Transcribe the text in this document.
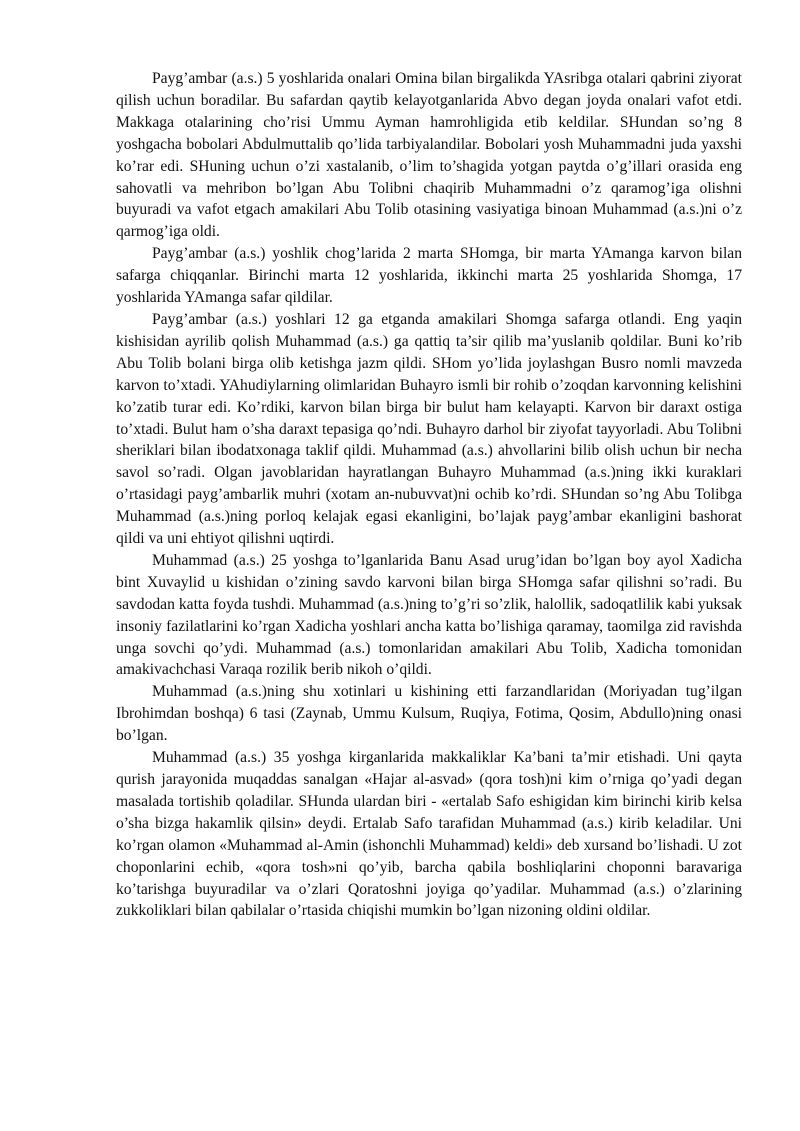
Payg’ambar (a.s.) 5 yoshlarida onalari Omina bilan birgalikda YAsribga otalari qabrini ziyorat qilish uchun boradilar. Bu safardan qaytib kelayotganlarida Abvo degan joyda onalari vafot etdi. Makkaga otalarining cho’risi Ummu Ayman hamrohligida etib keldilar. SHundan so’ng 8 yoshgacha bobolari Abdulmuttalib qo’lida tarbiyalandilar. Bobolari yosh Muhammadni juda yaxshi ko’rar edi. SHuning uchun o’zi xastalanib, o’lim to’shagida yotgan paytda o’g’illari orasida eng sahovatli va mehribon bo’lgan Abu Tolibni chaqirib Muhammadni o’z qaramog’iga olishni buyuradi va vafot etgach amakilari Abu Tolib otasining vasiyatiga binoan Muhammad (a.s.)ni o’z qarmog’iga oldi.

Payg’ambar (a.s.) yoshlik chog’larida 2 marta SHomga, bir marta YAmanga karvon bilan safarga chiqqanlar. Birinchi marta 12 yoshlarida, ikkinchi marta 25 yoshlarida Shomga, 17 yoshlarida YAmanga safar qildilar.

Payg’ambar (a.s.) yoshlari 12 ga etganda amakilari Shomga safarga otlandi. Eng yaqin kishisidan ayrilib qolish Muhammad (a.s.) ga qattiq ta’sir qilib ma’yuslanib qoldilar. Buni ko’rib Abu Tolib bolani birga olib ketishga jazm qildi. SHom yo’lida joylashgan Busro nomli mavzeda karvon to’xtadi. YAhudiylarning olimlaridan Buhayro ismli bir rohib o’zoqdan karvonning kelishini ko’zatib turar edi. Ko’rdiki, karvon bilan birga bir bulut ham kelayapti. Karvon bir daraxt ostiga to’xtadi. Bulut ham o’sha daraxt tepasiga qo’ndi. Buhayro darhol bir ziyofat tayyorladi. Abu Tolibni sheriklari bilan ibodatxonaga taklif qildi. Muhammad (a.s.) ahvollarini bilib olish uchun bir necha savol so’radi. Olgan javoblaridan hayratlangan Buhayro Muhammad (a.s.)ning ikki kuraklari o’rtasidagi payg’ambarlik muhri (xotam an-nubuvvat)ni ochib ko’rdi. SHundan so’ng Abu Tolibga Muhammad (a.s.)ning porloq kelajak egasi ekanligini, bo’lajak payg’ambar ekanligini bashorat qildi va uni ehtiyot qilishni uqtirdi.

Muhammad (a.s.) 25 yoshga to’lganlarida Banu Asad urug’idan bo’lgan boy ayol Xadicha bint Xuvaylid u kishidan o’zining savdo karvoni bilan birga SHomga safar qilishni so’radi. Bu savdodan katta foyda tushdi. Muhammad (a.s.)ning to’g’ri so’zlik, halollik, sadoqatlilik kabi yuksak insoniy fazilatlarini ko’rgan Xadicha yoshlari ancha katta bo’lishiga qaramay, taomilga zid ravishda unga sovchi qo’ydi. Muhammad (a.s.) tomonlaridan amakilari Abu Tolib, Xadicha tomonidan amakivachchasi Varaqa rozilik berib nikoh o’qildi.

Muhammad (a.s.)ning shu xotinlari u kishining etti farzandlaridan (Moriyadan tug’ilgan Ibrohimdan boshqa) 6 tasi (Zaynab, Ummu Kulsum, Ruqiya, Fotima, Qosim, Abdullo)ning onasi bo’lgan.

Muhammad (a.s.) 35 yoshga kirganlarida makkaliklar Ka’bani ta’mir etishadi. Uni qayta qurish jarayonida muqaddas sanalgan «Hajar al-asvad» (qora tosh)ni kim o’rniga qo’yadi degan masalada tortishib qoladilar. SHunda ulardan biri - «ertalab Safo eshigidan kim birinchi kirib kelsa o’sha bizga hakamlik qilsin» deydi. Ertalab Safo tarafidan Muhammad (a.s.) kirib keladilar. Uni ko’rgan olamon «Muhammad al-Amin (ishonchli Muhammad) keldi» deb xursand bo’lishadi. U zot choponlarini echib, «qora tosh»ni qo’yib, barcha qabila boshliqlarini choponni baravariga ko’tarishga buyuradilar va o’zlari Qoratoshni joyiga qo’yadilar. Muhammad (a.s.) o’zlarining zukkoliklari bilan qabilalar o’rtasida chiqishi mumkin bo’lgan nizoning oldini oldilar.
